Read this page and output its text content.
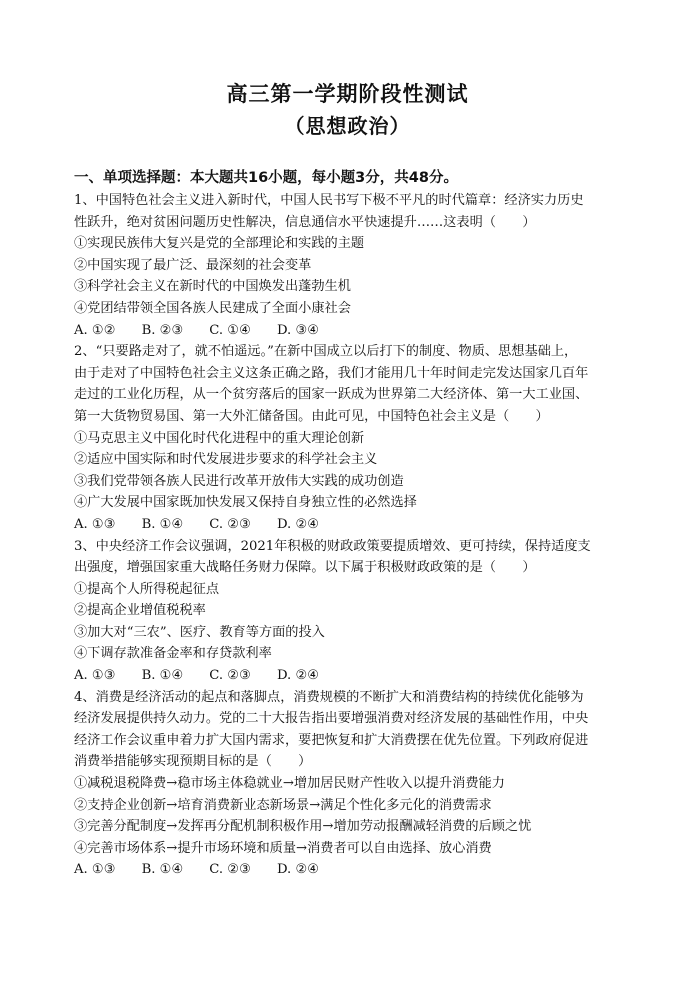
高三第一学期阶段性测试
（思想政治）
一、单项选择题：本大题共16小题，每小题3分，共48分。
1、中国特色社会主义进入新时代，中国人民书写下极不平凡的时代篇章：经济实力历史
性跃升，绝对贫困问题历史性解决，信息通信水平快速提升……这表明（　　）
①实现民族伟大复兴是党的全部理论和实践的主题
②中国实现了最广泛、最深刻的社会变革
③科学社会主义在新时代的中国焕发出蓬勃生机
④党团结带领全国各族人民建成了全面小康社会
A. ①② B. ②③ C. ①④ D. ③④
2、“只要路走对了，就不怕遥远。”在新中国成立以后打下的制度、物质、思想基础上，
由于走对了中国特色社会主义这条正确之路，我们才能用几十年时间走完发达国家几百年
走过的工业化历程，从一个贫穷落后的国家一跃成为世界第二大经济体、第一大工业国、
第一大货物贸易国、第一大外汇储备国。由此可见，中国特色社会主义是（　　）
①马克思主义中国化时代化进程中的重大理论创新
②适应中国实际和时代发展进步要求的科学社会主义
③我们党带领各族人民进行改革开放伟大实践的成功创造
④广大发展中国家既加快发展又保持自身独立性的必然选择
A. ①③ B. ①④ C. ②③ D. ②④
3、中央经济工作会议强调，2021年积极的财政政策要提质增效、更可持续，保持适度支
出强度，增强国家重大战略任务财力保障。以下属于积极财政政策的是（　　）
①提高个人所得税起征点
②提高企业增值税税率
③加大对“三农”、医疗、教育等方面的投入
④下调存款准备金率和存贷款利率
A. ①③ B. ①④ C. ②③ D. ②④
4、消费是经济活动的起点和落脚点，消费规模的不断扩大和消费结构的持续优化能够为
经济发展提供持久动力。党的二十大报告指出要增强消费对经济发展的基础性作用，中央
经济工作会议重申着力扩大国内需求，要把恢复和扩大消费摆在优先位置。下列政府促进
消费举措能够实现预期目标的是（　　）
①减税退税降费→稳市场主体稳就业→增加居民财产性收入以提升消费能力
②支持企业创新→培育消费新业态新场景→满足个性化多元化的消费需求
③完善分配制度→发挥再分配机制积极作用→增加劳动报酬减轻消费的后顾之忧
④完善市场体系→提升市场环境和质量→消费者可以自由选择、放心消费
A. ①③ B. ①④ C. ②③ D. ②④
